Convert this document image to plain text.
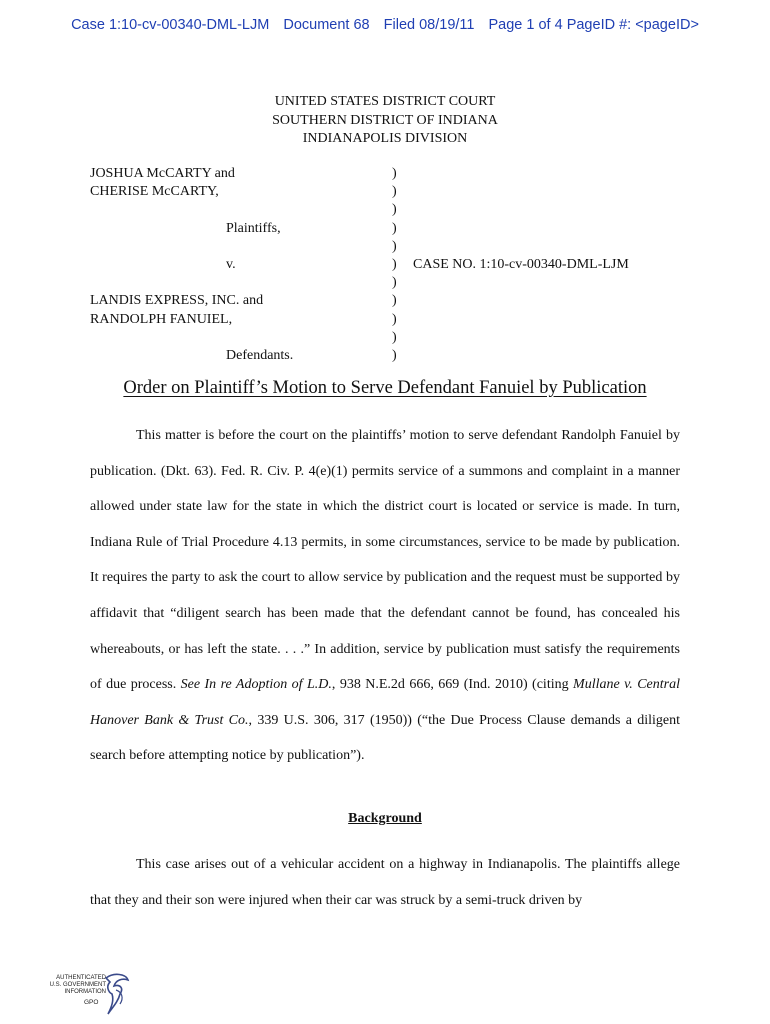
Case 1:10-cv-00340-DML-LJM Document 68 Filed 08/19/11 Page 1 of 4 PageID #: <pageID>
UNITED STATES DISTRICT COURT
SOUTHERN DISTRICT OF INDIANA
INDIANAPOLIS DIVISION
JOSHUA McCARTY and
CHERISE McCARTY,
Plaintiffs,
v.
LANDIS EXPRESS, INC. and
RANDOLPH FANUIEL,
Defendants.
)
)
)
)
)
)
)
)
)
)
)
CASE NO. 1:10-cv-00340-DML-LJM
Order on Plaintiff’s Motion to Serve Defendant Fanuiel by Publication

This matter is before the court on the plaintiffs’ motion to serve defendant Randolph Fanuiel by publication. (Dkt. 63). Fed. R. Civ. P. 4(e)(1) permits service of a summons and complaint in a manner allowed under state law for the state in which the district court is located or service is made. In turn, Indiana Rule of Trial Procedure 4.13 permits, in some circumstances, service to be made by publication. It requires the party to ask the court to allow service by publication and the request must be supported by affidavit that “diligent search has been made that the defendant cannot be found, has concealed his whereabouts, or has left the state. . . .” In addition, service by publication must satisfy the requirements of due process. See In re Adoption of L.D., 938 N.E.2d 666, 669 (Ind. 2010) (citing Mullane v. Central Hanover Bank & Trust Co., 339 U.S. 306, 317 (1950)) (“the Due Process Clause demands a diligent search before attempting notice by publication”).

Background

This case arises out of a vehicular accident on a highway in Indianapolis. The plaintiffs allege that they and their son were injured when their car was struck by a semi-truck driven by

AUTHENTICATED
U.S. GOVERNMENT
INFORMATION
GPO
